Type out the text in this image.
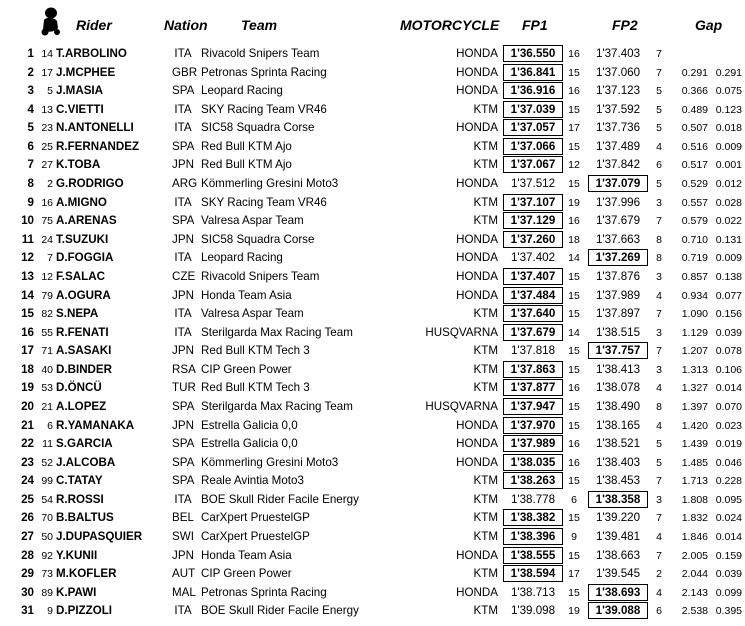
Rider	Nation Team	MOTORCYCLE FP1	FP2	Gap
1 14 T.ARBOLINO	ITA Rivacold Snipers Team	HONDA	1'36.550	16	1'37.403	7
2 17 J.MCPHEE	GBR Petronas Sprinta Racing	HONDA	1'36.841	15	1'37.060	7	0.291 0.291
3	5 J.MASIA	SPA Leopard Racing	HONDA	1'36.916	16	1'37.123	5	0.366 0.075
4 13 C.VIETTI	ITA SKY Racing Team VR46	KTM	1'37.039	15	1'37.592	5	0.489 0.123
5 23 N.ANTONELLI	ITA SIC58 Squadra Corse	HONDA	1'37.057	17	1'37.736	5	0.507 0.018
6 25 R.FERNANDEZ	SPA Red Bull KTM Ajo	KTM	1'37.066	15	1'37.489	4	0.516 0.009
7 27 K.TOBA	JPN Red Bull KTM Ajo	KTM	1'37.067	12	1'37.842	6	0.517 0.001
8	2 G.RODRIGO	ARG Kömmerling Gresini Moto3	HONDA	1'37.512	15	1'37.079	5	0.529 0.012
9 16 A.MIGNO	ITA SKY Racing Team VR46	KTM	1'37.107	19	1'37.996	3	0.557 0.028
10 75 A.ARENAS	SPA Valresa Aspar Team	KTM	1'37.129	16	1'37.679	7	0.579 0.022
11 24 T.SUZUKI	JPN SIC58 Squadra Corse	HONDA	1'37.260	18	1'37.663	8	0.710 0.131
12	7 D.FOGGIA	ITA Leopard Racing	HONDA	1'37.402	14	1'37.269	8	0.719 0.009
13 12 F.SALAC	CZE Rivacold Snipers Team	HONDA	1'37.407	15	1'37.876	3	0.857 0.138
14 79 A.OGURA	JPN Honda Team Asia	HONDA	1'37.484	15	1'37.989	4	0.934 0.077
15 82 S.NEPA	ITA Valresa Aspar Team	KTM	1'37.640	15	1'37.897	7	1.090 0.156
16 55 R.FENATI	ITA Sterilgarda Max Racing Team	HUSQVARNA	1'37.679	14	1'38.515	3	1.129 0.039
17 71 A.SASAKI	JPN Red Bull KTM Tech 3	KTM	1'37.818	15	1'37.757	7	1.207 0.078
18 40 D.BINDER	RSA CIP Green Power	KTM	1'37.863	15	1'38.413	3	1.313 0.106
19 53 D.ÖNCÜ	TUR Red Bull KTM Tech 3	KTM	1'37.877	16	1'38.078	4	1.327 0.014
20 21 A.LOPEZ	SPA Sterilgarda Max Racing Team	HUSQVARNA	1'37.947	15	1'38.490	8	1.397 0.070
21	6 R.YAMANAKA	JPN Estrella Galicia 0,0	HONDA	1'37.970	15	1'38.165	4	1.420 0.023
22 11 S.GARCIA	SPA Estrella Galicia 0,0	HONDA	1'37.989	16	1'38.521	5	1.439 0.019
23 52 J.ALCOBA	SPA Kömmerling Gresini Moto3	HONDA	1'38.035	16	1'38.403	5	1.485 0.046
24 99 C.TATAY	SPA Reale Avintia Moto3	KTM	1'38.263	15	1'38.453	7	1.713 0.228
25 54 R.ROSSI	ITA BOE Skull Rider Facile Energy	KTM	1'38.778	6	1'38.358	3	1.808 0.095
26 70 B.BALTUS	BEL CarXpert PruestelGP	KTM	1'38.382	15	1'39.220	7	1.832 0.024
27 50 J.DUPASQUIER	SWI CarXpert PruestelGP	KTM	1'38.396	9	1'39.481	4	1.846 0.014
28 92 Y.KUNII	JPN Honda Team Asia	HONDA	1'38.555	15	1'38.663	7	2.005 0.159
29 73 M.KOFLER	AUT CIP Green Power	KTM	1'38.594	17	1'39.545	2	2.044 0.039
30 89 K.PAWI	MAL Petronas Sprinta Racing	HONDA	1'38.713	15	1'38.693	4	2.143 0.099
31	9 D.PIZZOLI	ITA BOE Skull Rider Facile Energy	KTM	1'39.098	19	1'39.088	6	2.538 0.395
